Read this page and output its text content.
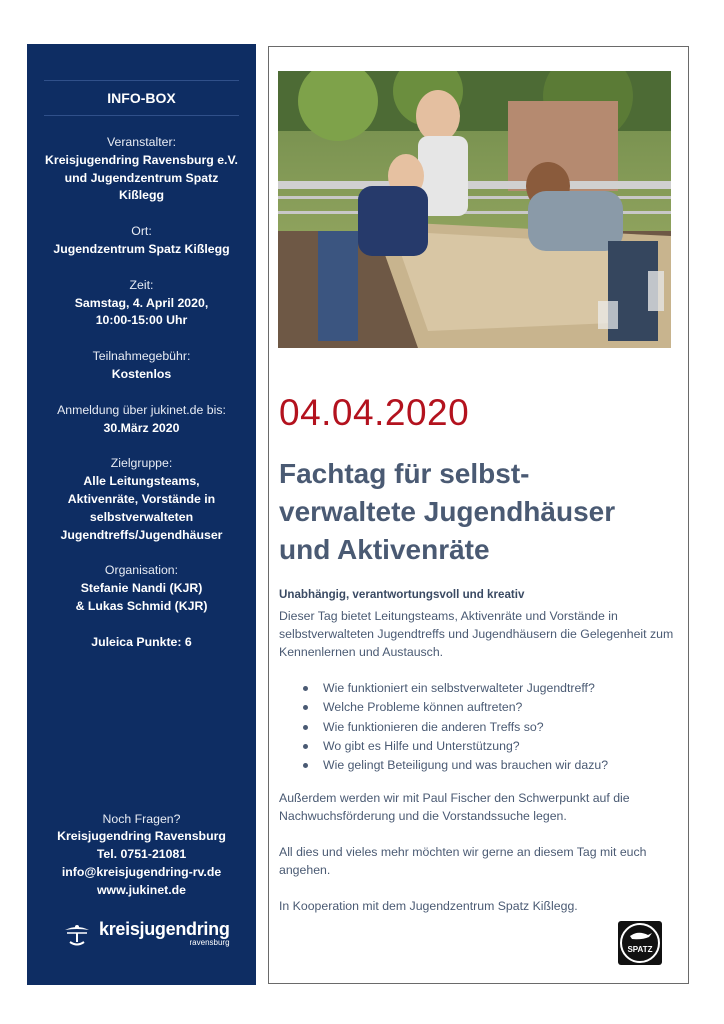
INFO-BOX
Veranstalter:
Kreisjugendring Ravensburg e.V.
und Jugendzentrum Spatz
Kißlegg
Ort:
Jugendzentrum Spatz Kißlegg
Zeit:
Samstag, 4. April 2020,
10:00-15:00 Uhr
Teilnahmegebühr:
Kostenlos
Anmeldung über jukinet.de bis:
30.März 2020
Zielgruppe:
Alle Leitungsteams,
Aktivenräte, Vorstände in
selbstverwalteten
Jugendtreffs/Jugendhäuser
Organisation:
Stefanie Nandi (KJR)
& Lukas Schmid (KJR)
Juleica Punkte: 6
Noch Fragen?
Kreisjugendring Ravensburg
Tel. 0751-21081
info@kreisjugendring-rv.de
www.jukinet.de
kreisjugendring
ravensburg
04.04.2020
Fachtag für selbst-
verwaltete Jugendhäuser
und Aktivenräte
Unabhängig, verantwortungsvoll und kreativ
Dieser Tag bietet Leitungsteams, Aktivenräte und Vorstände in selbstverwalteten Jugendtreffs und Jugendhäusern die Gelegenheit zum Kennenlernen und Austausch.
Wie funktioniert ein selbstverwalteter Jugendtreff?
Welche Probleme können auftreten?
Wie funktionieren die anderen Treffs so?
Wo gibt es Hilfe und Unterstützung?
Wie gelingt Beteiligung und was brauchen wir dazu?
Außerdem werden wir mit Paul Fischer den Schwerpunkt auf die Nachwuchsförderung und die Vorstandssuche legen.
All dies und vieles mehr möchten wir gerne an diesem Tag mit euch angehen.
In Kooperation mit dem Jugendzentrum Spatz Kißlegg.
SPATZ
